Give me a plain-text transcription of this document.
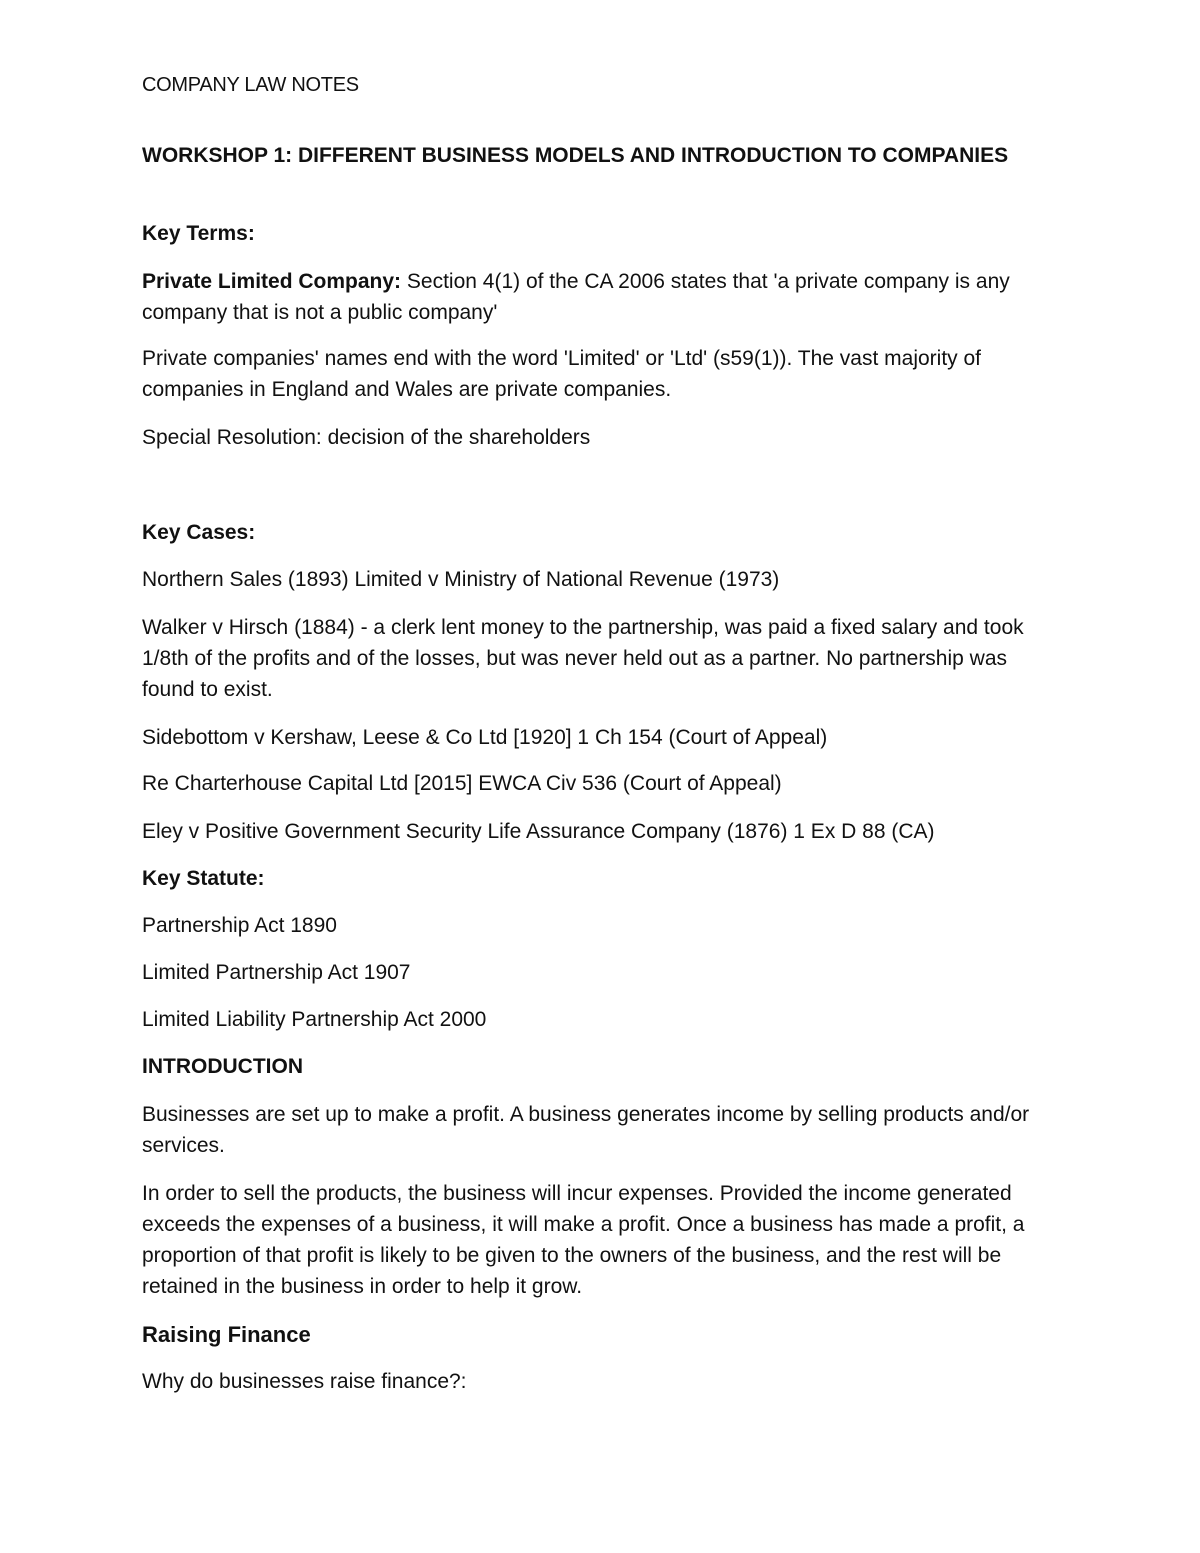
COMPANY LAW NOTES

WORKSHOP 1: DIFFERENT BUSINESS MODELS AND INTRODUCTION TO COMPANIES

Key Terms:

Private Limited Company: Section 4(1) of the CA 2006 states that 'a private company is any company that is not a public company'

Private companies' names end with the word 'Limited' or 'Ltd' (s59(1)). The vast majority of companies in England and Wales are private companies.

Special Resolution: decision of the shareholders

Key Cases:

Northern Sales (1893) Limited v Ministry of National Revenue (1973)

Walker v Hirsch (1884) - a clerk lent money to the partnership, was paid a fixed salary and took 1/8th of the profits and of the losses, but was never held out as a partner. No partnership was found to exist.

Sidebottom v Kershaw, Leese & Co Ltd [1920] 1 Ch 154 (Court of Appeal)

Re Charterhouse Capital Ltd [2015] EWCA Civ 536 (Court of Appeal)

Eley v Positive Government Security Life Assurance Company (1876) 1 Ex D 88 (CA)

Key Statute:

Partnership Act 1890

Limited Partnership Act 1907

Limited Liability Partnership Act 2000

INTRODUCTION

Businesses are set up to make a profit. A business generates income by selling products and/or services.

In order to sell the products, the business will incur expenses. Provided the income generated exceeds the expenses of a business, it will make a profit. Once a business has made a profit, a proportion of that profit is likely to be given to the owners of the business, and the rest will be retained in the business in order to help it grow.

Raising Finance

Why do businesses raise finance?:
